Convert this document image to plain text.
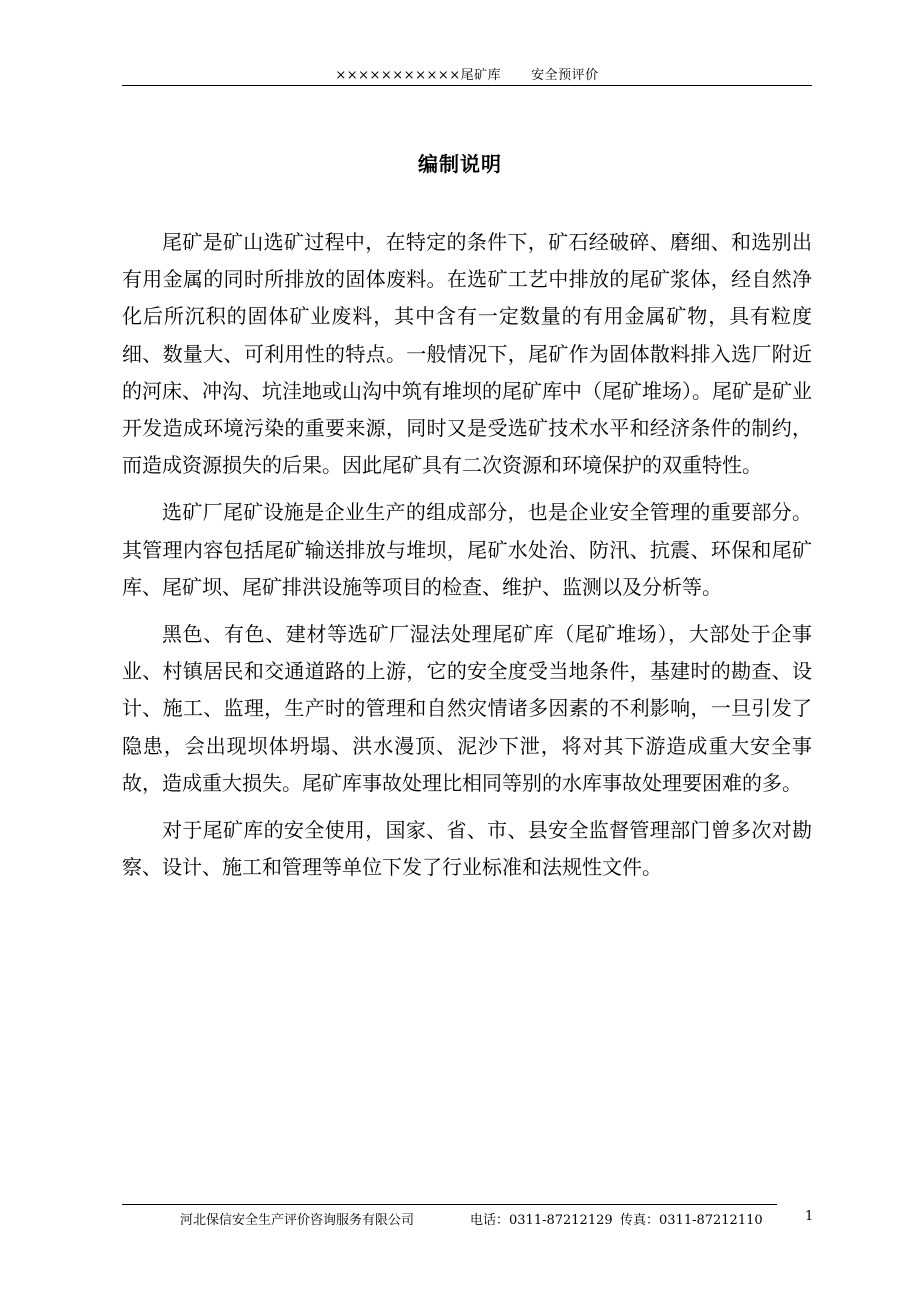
×××××××××××尾矿库 安全预评价
编制说明

尾矿是矿山选矿过程中，在特定的条件下，矿石经破碎、磨细、和选别出有用金属的同时所排放的固体废料。在选矿工艺中排放的尾矿浆体，经自然净化后所沉积的固体矿业废料，其中含有一定数量的有用金属矿物，具有粒度细、数量大、可利用性的特点。一般情况下，尾矿作为固体散料排入选厂附近的河床、冲沟、坑洼地或山沟中筑有堆坝的尾矿库中（尾矿堆场）。尾矿是矿业开发造成环境污染的重要来源，同时又是受选矿技术水平和经济条件的制约，而造成资源损失的后果。因此尾矿具有二次资源和环境保护的双重特性。

选矿厂尾矿设施是企业生产的组成部分，也是企业安全管理的重要部分。其管理内容包括尾矿输送排放与堆坝，尾矿水处治、防汛、抗震、环保和尾矿库、尾矿坝、尾矿排洪设施等项目的检查、维护、监测以及分析等。

黑色、有色、建材等选矿厂湿法处理尾矿库（尾矿堆场），大部处于企事业、村镇居民和交通道路的上游，它的安全度受当地条件，基建时的勘查、设计、施工、监理，生产时的管理和自然灾情诸多因素的不利影响，一旦引发了隐患，会出现坝体坍塌、洪水漫顶、泥沙下泄，将对其下游造成重大安全事故，造成重大损失。尾矿库事故处理比相同等别的水库事故处理要困难的多。

对于尾矿库的安全使用，国家、省、市、县安全监督管理部门曾多次对勘察、设计、施工和管理等单位下发了行业标准和法规性文件。

河北保信安全生产评价咨询服务有限公司	电话：0311-87212129 传真：0311-87212110	1
